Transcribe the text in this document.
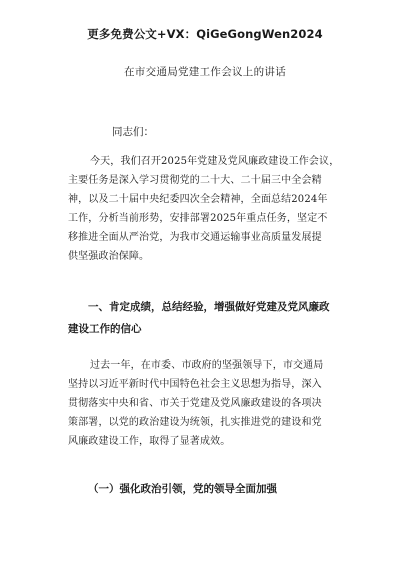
更多免费公文+VX：QiGeGongWen2024
在市交通局党建工作会议上的讲话
同志们：
今天，我们召开2025年党建及党风廉政建设工作会议，
主要任务是深入学习贯彻党的二十大、二十届三中全会精
神，以及二十届中央纪委四次全会精神，全面总结2024年
工作，分析当前形势，安排部署2025年重点任务，坚定不
移推进全面从严治党，为我市交通运输事业高质量发展提
供坚强政治保障。
一、肯定成绩，总结经验，增强做好党建及党风廉政
建设工作的信心
过去一年，在市委、市政府的坚强领导下，市交通局
坚持以习近平新时代中国特色社会主义思想为指导，深入
贯彻落实中央和省、市关于党建及党风廉政建设的各项决
策部署，以党的政治建设为统领，扎实推进党的建设和党
风廉政建设工作，取得了显著成效。
（一）强化政治引领，党的领导全面加强
